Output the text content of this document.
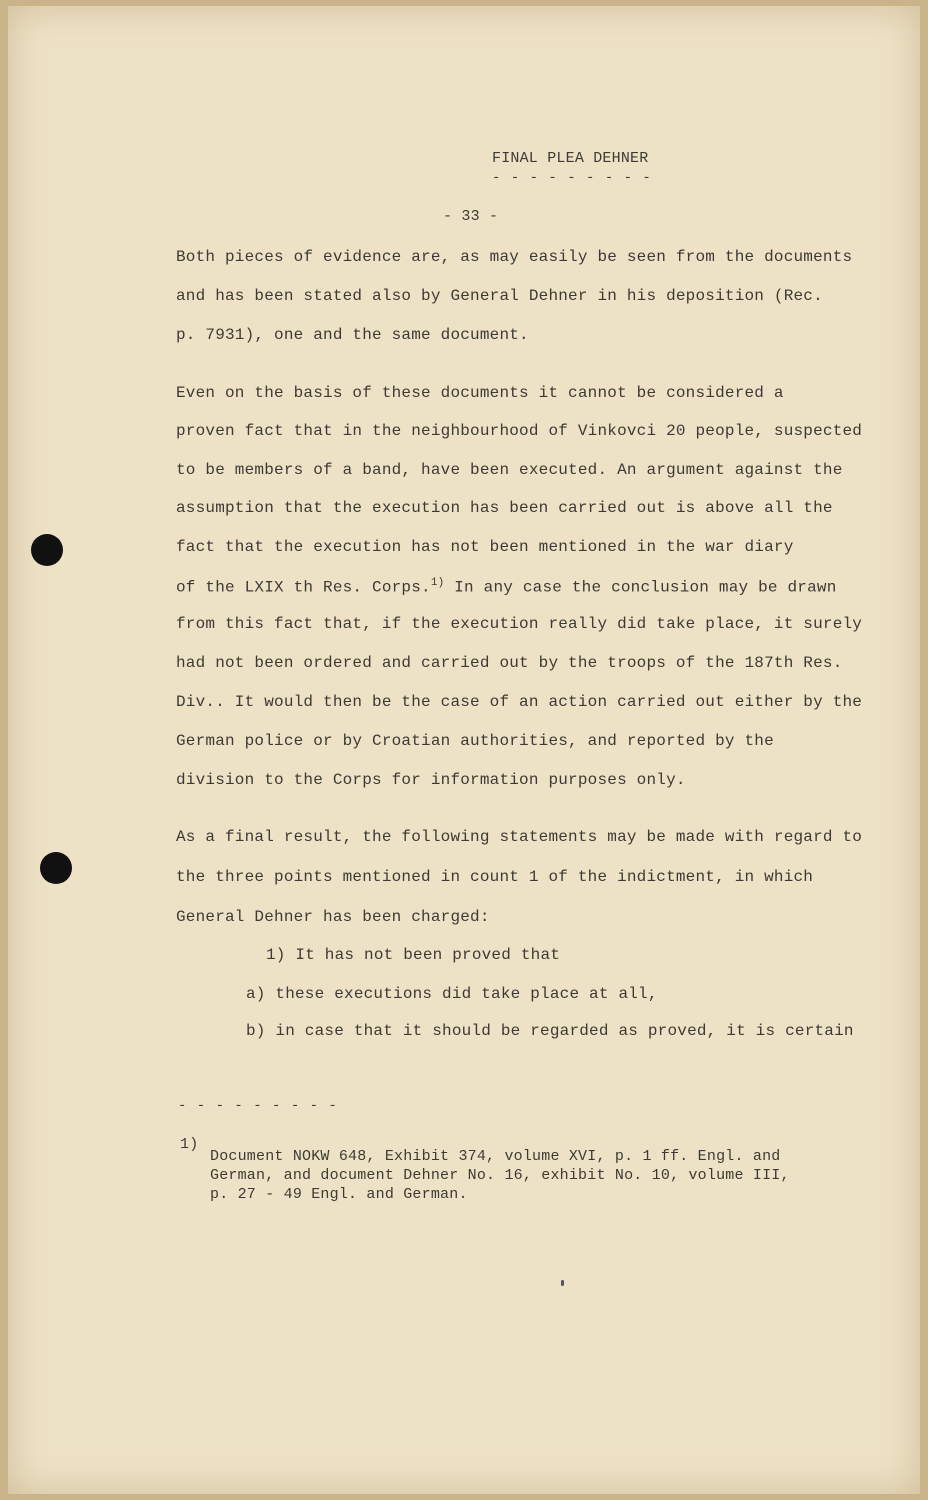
FINAL PLEA DEHNER
- - - - - - - - -
- 33 -
Both pieces of evidence are, as may easily be seen from the documents
and has been stated also by General Dehner in his deposition (Rec.
p. 7931), one and the same document.
Even on the basis of these documents it cannot be considered a
proven fact that in the neighbourhood of Vinkovci 20 people, suspected
to be members of a band, have been executed. An argument against the
assumption that the execution has been carried out is above all the
fact that the execution has not been mentioned in the war diary
of the LXIX th Res. Corps.$^{1)}$ In any case the conclusion may be drawn
from this fact that, if the execution really did take place, it surely
had not been ordered and carried out by the troops of the 187th Res.
Div.. It would then be the case of an action carried out either by the
German police or by Croatian authorities, and reported by the
division to the Corps for information purposes only.
As a final result, the following statements may be made with regard to
the three points mentioned in count 1 of the indictment, in which
General Dehner has been charged:
1) It has not been proved that
a) these executions did take place at all,
b) in case that it should be regarded as proved, it is certain
- - - - - - - - -
1)
Document NOKW 648, Exhibit 374, volume XVI, p. 1 ff. Engl. and
German, and document Dehner No. 16, exhibit No. 10, volume III,
p. 27 - 49 Engl. and German.
